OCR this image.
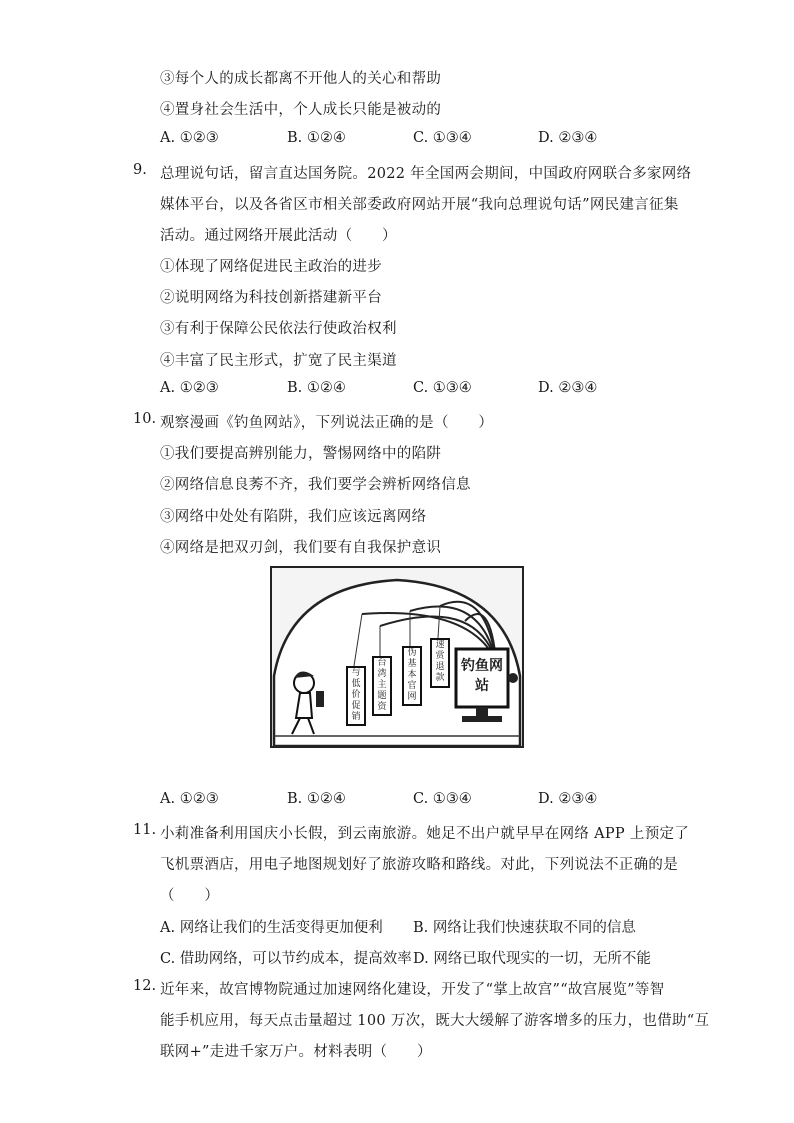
③每个人的成长都离不开他人的关心和帮助
④置身社会生活中，个人成长只能是被动的
A. ①②③	B. ①②④	C. ①③④	D. ②③④
9. 总理说句话，留言直达国务院。2022 年全国两会期间，中国政府网联合多家网络
媒体平台，以及各省区市相关部委政府网站开展“我向总理说句话”网民建言征集
活动。通过网络开展此活动（　　）
①体现了网络促进民主政治的进步
②说明网络为科技创新搭建新平台
③有利于保障公民依法行使政治权利
④丰富了民主形式，扩宽了民主渠道
A. ①②③	B. ①②④	C. ①③④	D. ②③④
10. 观察漫画《钓鱼网站》，下列说法正确的是（　　）
①我们要提高辨别能力，警惕网络中的陷阱
②网络信息良莠不齐，我们要学会辨析网络信息
③网络中处处有陷阱，我们应该远离网络
④网络是把双刃剑，我们要有自我保护意识
钓鱼网站
与低价促销
台湾主题资
伪基本官网
速赏退款
A. ①②③	B. ①②④	C. ①③④	D. ②③④
11. 小莉准备利用国庆小长假，到云南旅游。她足不出户就早早在网络 APP 上预定了
飞机票酒店，用电子地图规划好了旅游攻略和路线。对此，下列说法不正确的是
（　　）
A. 网络让我们的生活变得更加便利 B. 网络让我们快速获取不同的信息
C. 借助网络，可以节约成本，提高效率 D. 网络已取代现实的一切，无所不能
12. 近年来，故宫博物院通过加速网络化建设，开发了“掌上故宫”“故宫展览”等智
能手机应用，每天点击量超过 100 万次，既大大缓解了游客增多的压力，也借助“互
联网+”走进千家万户。材料表明（　　）
